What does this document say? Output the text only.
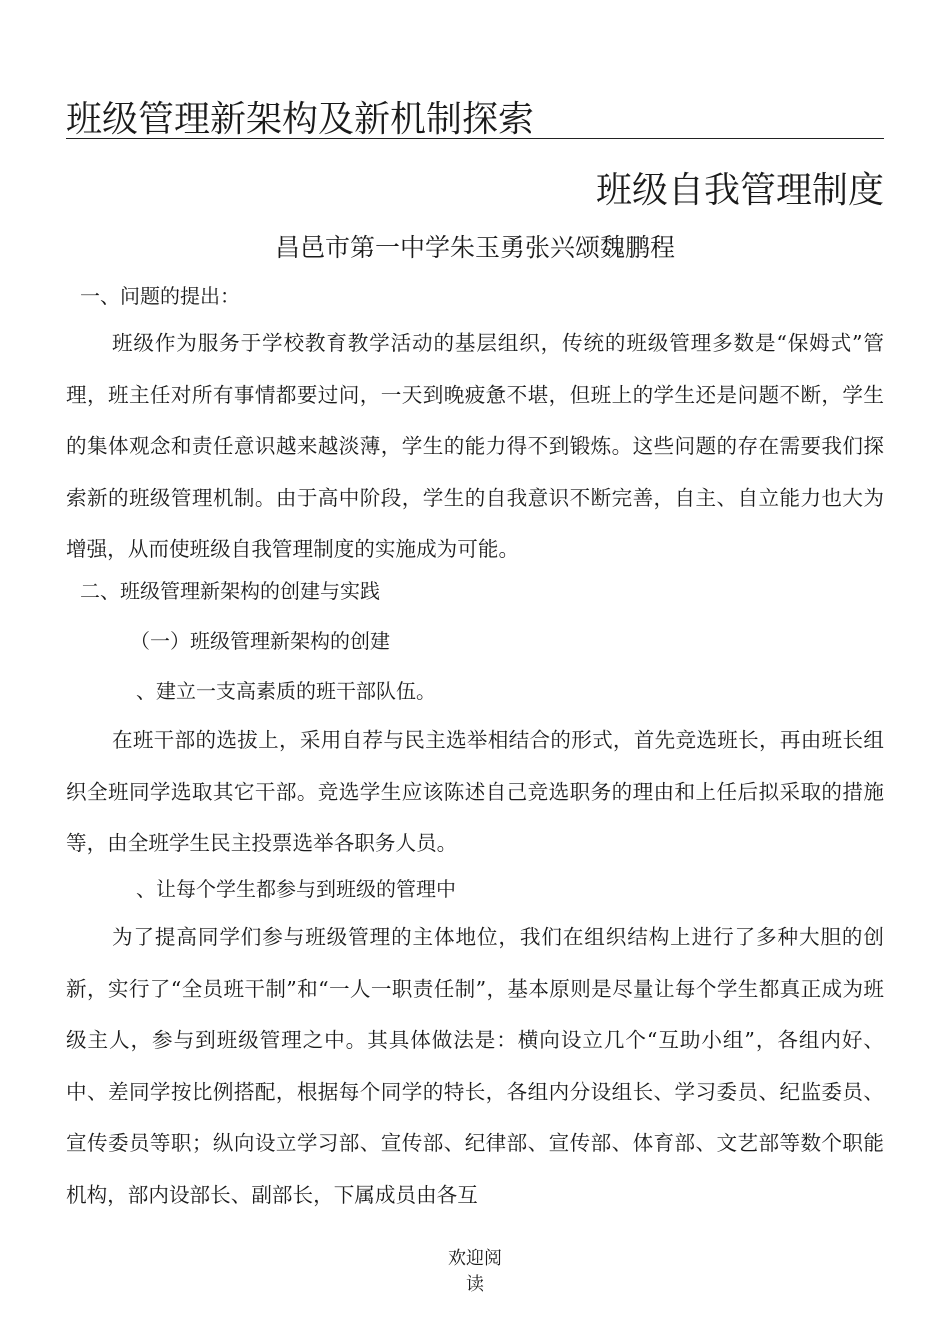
班级管理新架构及新机制探索
班级自我管理制度
昌邑市第一中学朱玉勇张兴颂魏鹏程
一、问题的提出：
班级作为服务于学校教育教学活动的基层组织，传统的班级管理多数是“保姆式”管理，班主任对所有事情都要过问，一天到晚疲惫不堪，但班上的学生还是问题不断，学生的集体观念和责任意识越来越淡薄，学生的能力得不到锻炼。这些问题的存在需要我们探索新的班级管理机制。由于高中阶段，学生的自我意识不断完善，自主、自立能力也大为增强，从而使班级自我管理制度的实施成为可能。
二、班级管理新架构的创建与实践
（一）班级管理新架构的创建
、建立一支高素质的班干部队伍。
在班干部的选拔上，采用自荐与民主选举相结合的形式，首先竞选班长，再由班长组织全班同学选取其它干部。竞选学生应该陈述自己竞选职务的理由和上任后拟采取的措施等，由全班学生民主投票选举各职务人员。
、让每个学生都参与到班级的管理中
为了提高同学们参与班级管理的主体地位，我们在组织结构上进行了多种大胆的创新，实行了“全员班干制”和“一人一职责任制”，基本原则是尽量让每个学生都真正成为班级主人，参与到班级管理之中。其具体做法是：横向设立几个“互助小组”，各组内好、中、差同学按比例搭配，根据每个同学的特长，各组内分设组长、学习委员、纪监委员、宣传委员等职；纵向设立学习部、宣传部、纪律部、宣传部、体育部、文艺部等数个职能机构，部内设部长、副部长，下属成员由各互
欢迎阅
读
